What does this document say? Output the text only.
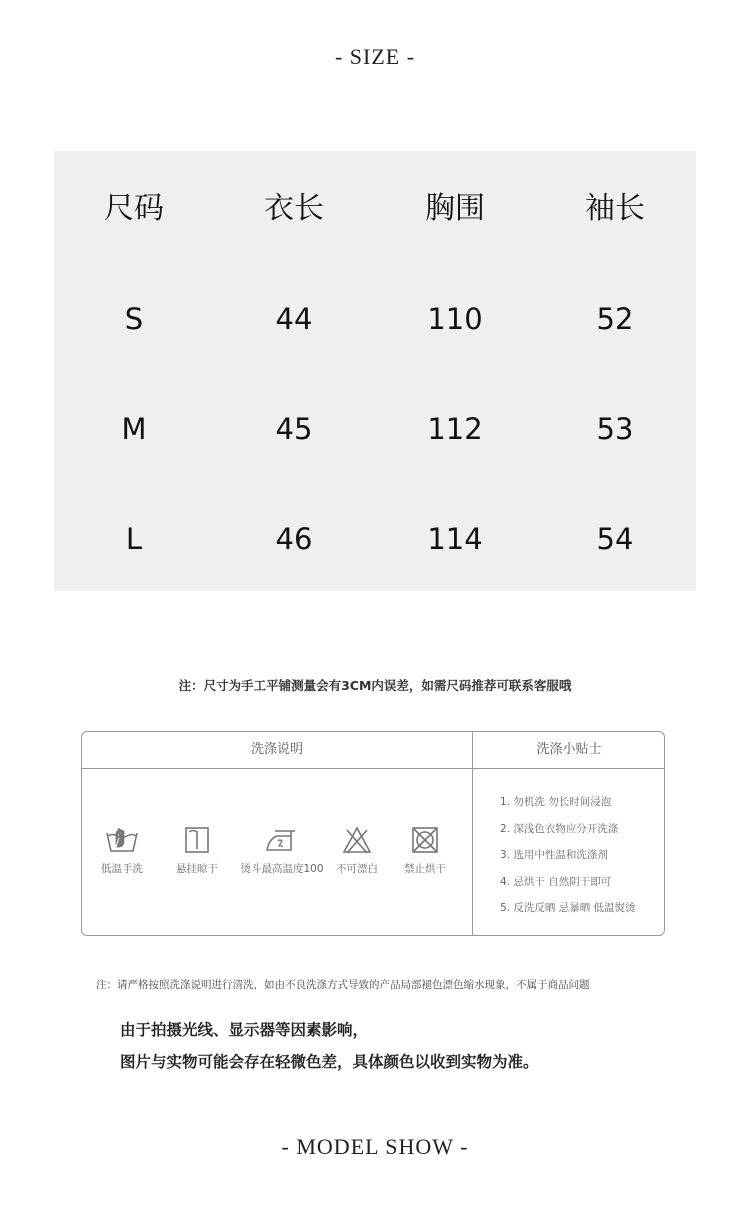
- SIZE -
尺码	衣长	胸围	袖长
S	44	110	52
M	45	112	53
L	46	114	54
注：尺寸为手工平铺测量会有3CM内误差，如需尺码推荐可联系客服哦
洗涤说明	洗涤小贴士
低温手洗	悬挂晾干	烫斗最高温度100	不可漂白	禁止烘干
1. 勿机洗 勿长时间浸泡
2. 深浅色衣物应分开洗涤
3. 选用中性温和洗涤剂
4. 忌烘干 自然阴干即可
5. 反洗反晒 忌暴晒 低温熨烫
注：请严格按照洗涤说明进行清洗，如由不良洗涤方式导致的产品局部褪色漂色缩水现象，不属于商品问题
由于拍摄光线、显示器等因素影响，
图片与实物可能会存在轻微色差，具体颜色以收到实物为准。
- MODEL SHOW -
